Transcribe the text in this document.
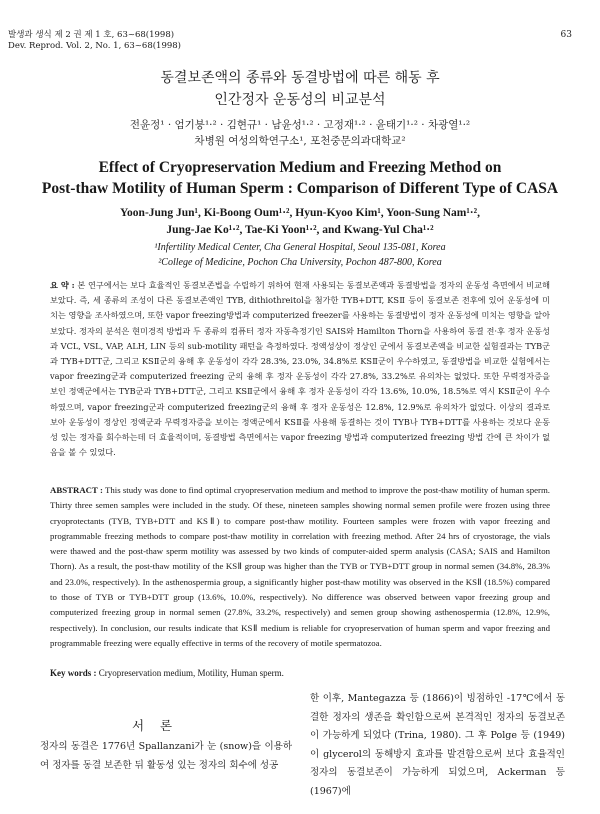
발생과 생식 제 2 권 제 1 호, 63~68(1998)
Dev. Reprod. Vol. 2, No. 1, 63~68(1998)
63
동결보존액의 종류와 동결방법에 따른 해동 후
인간정자 운동성의 비교분석
전윤정¹ · 엄기붕¹·² · 김현규¹ · 남윤성¹·² · 고정재¹·² · 윤태기¹·² · 차광열¹·²
차병원 여성의학연구소¹, 포천중문의과대학교²
Effect of Cryopreservation Medium and Freezing Method on
Post-thaw Motility of Human Sperm : Comparison of Different Type of CASA
Yoon-Jung Jun¹, Ki-Boong Oum¹·², Hyun-Kyoo Kim¹, Yoon-Sung Nam¹·²,
Jung-Jae Ko¹·², Tae-Ki Yoon¹·², and Kwang-Yul Cha¹·²
¹Infertility Medical Center, Cha General Hospital, Seoul 135-081, Korea
²College of Medicine, Pochon Cha University, Pochon 487-800, Korea
요 약 : 본 연구에서는 보다 효율적인 동결보존법을 수립하기 위하여 현재 사용되는 동결보존액과 동결방법을 정자의 운동성 측면에서 비교해 보았다. 즉, 세 종류의 조성이 다른 동결보존액인 TYB, dithiothreitol을 첨가한 TYB+DTT, KSⅡ 등이 동결보존 전후에 있어 운동성에 미치는 영향을 조사하였으며, 또한 vapor freezing방법과 computerized freezer를 사용하는 동결방법이 정자 운동성에 미치는 영향을 알아보았다. 정자의 분석은 현미경적 방법과 두 종류의 컴퓨터 정자 자동측정기인 SAIS와 Hamilton Thorn을 사용하여 동결 전·후 정자 운동성과 VCL, VSL, VAP, ALH, LIN 등의 sub-motility 패턴을 측정하였다. 정액성상이 정상인 군에서 동결보존액을 비교한 실험결과는 TYB군과 TYB+DTT군, 그리고 KSⅡ군의 융해 후 운동성이 각각 28.3%, 23.0%, 34.8%로 KSⅡ군이 우수하였고, 동결방법을 비교한 실험에서는 vapor freezing군과 computerized freezing 군의 융해 후 정자 운동성이 각각 27.8%, 33.2%로 유의차는 없었다. 또한 무력정자증을 보인 정액군에서는 TYB군과 TYB+DTT군, 그리고 KSⅡ군에서 융해 후 정자 운동성이 각각 13.6%, 10.0%, 18.5%로 역시 KSⅡ군이 우수하였으며, vapor freezing군과 computerized freezing군의 융해 후 정자 운동성은 12.8%, 12.9%로 유의차가 없었다. 이상의 결과로 보아 운동성이 정상인 정액군과 무력정자증을 보이는 정액군에서 KSⅡ를 사용해 동결하는 것이 TYB나 TYB+DTT를 사용하는 것보다 운동성 있는 정자를 회수하는데 더 효율적이며, 동결방법 측면에서는 vapor freezing 방법과 computerized freezing 방법 간에 큰 차이가 없음을 볼 수 있었다.
ABSTRACT : This study was done to find optimal cryopreservation medium and method to improve the post-thaw motility of human sperm. Thirty three semen samples were included in the study. Of these, nineteen samples showing normal semen profile were frozen using three cryoprotectants (TYB, TYB+DTT and KSⅡ) to compare post-thaw motility. Fourteen samples were frozen with vapor freezing and programmable freezing methods to compare post-thaw motility in correlation with freezing method. After 24 hrs of cryostorage, the vials were thawed and the post-thaw sperm motility was assessed by two kinds of computer-aided sperm analysis (CASA; SAIS and Hamilton Thorn). As a result, the post-thaw motility of the KSⅡ group was higher than the TYB or TYB+DTT group in normal semen (34.8%, 28.3% and 23.0%, respectively). In the asthenospermia group, a significantly higher post-thaw motility was observed in the KSⅡ (18.5%) compared to those of TYB or TYB+DTT group (13.6%, 10.0%, respectively). No difference was observed between vapor freezing group and computerized freezing group in normal semen (27.8%, 33.2%, respectively) and semen group showing asthenospermia (12.8%, 12.9%, respectively). In conclusion, our results indicate that KSⅡ medium is reliable for cryopreservation of human sperm and vapor freezing and programmable freezing were equally effective in terms of the recovery of motile spermatozoa.
Key words : Cryopreservation medium, Motility, Human sperm.
서 론
정자의 동결은 1776년 Spallanzani가 눈 (snow)을 이용하여 정자를 동결 보존한 뒤 활동성 있는 정자의 회수에 성공
한 이후, Mantegazza 등 (1866)이 빙점하인 -17℃에서 동결한 정자의 생존을 확인함으로써 본격적인 정자의 동결보존이 가능하게 되었다 (Trina, 1980). 그 후 Polge 등 (1949)이 glycerol의 동해방지 효과를 발견함으로써 보다 효율적인 정자의 동결보존이 가능하게 되었으며, Ackerman 등 (1967)에
